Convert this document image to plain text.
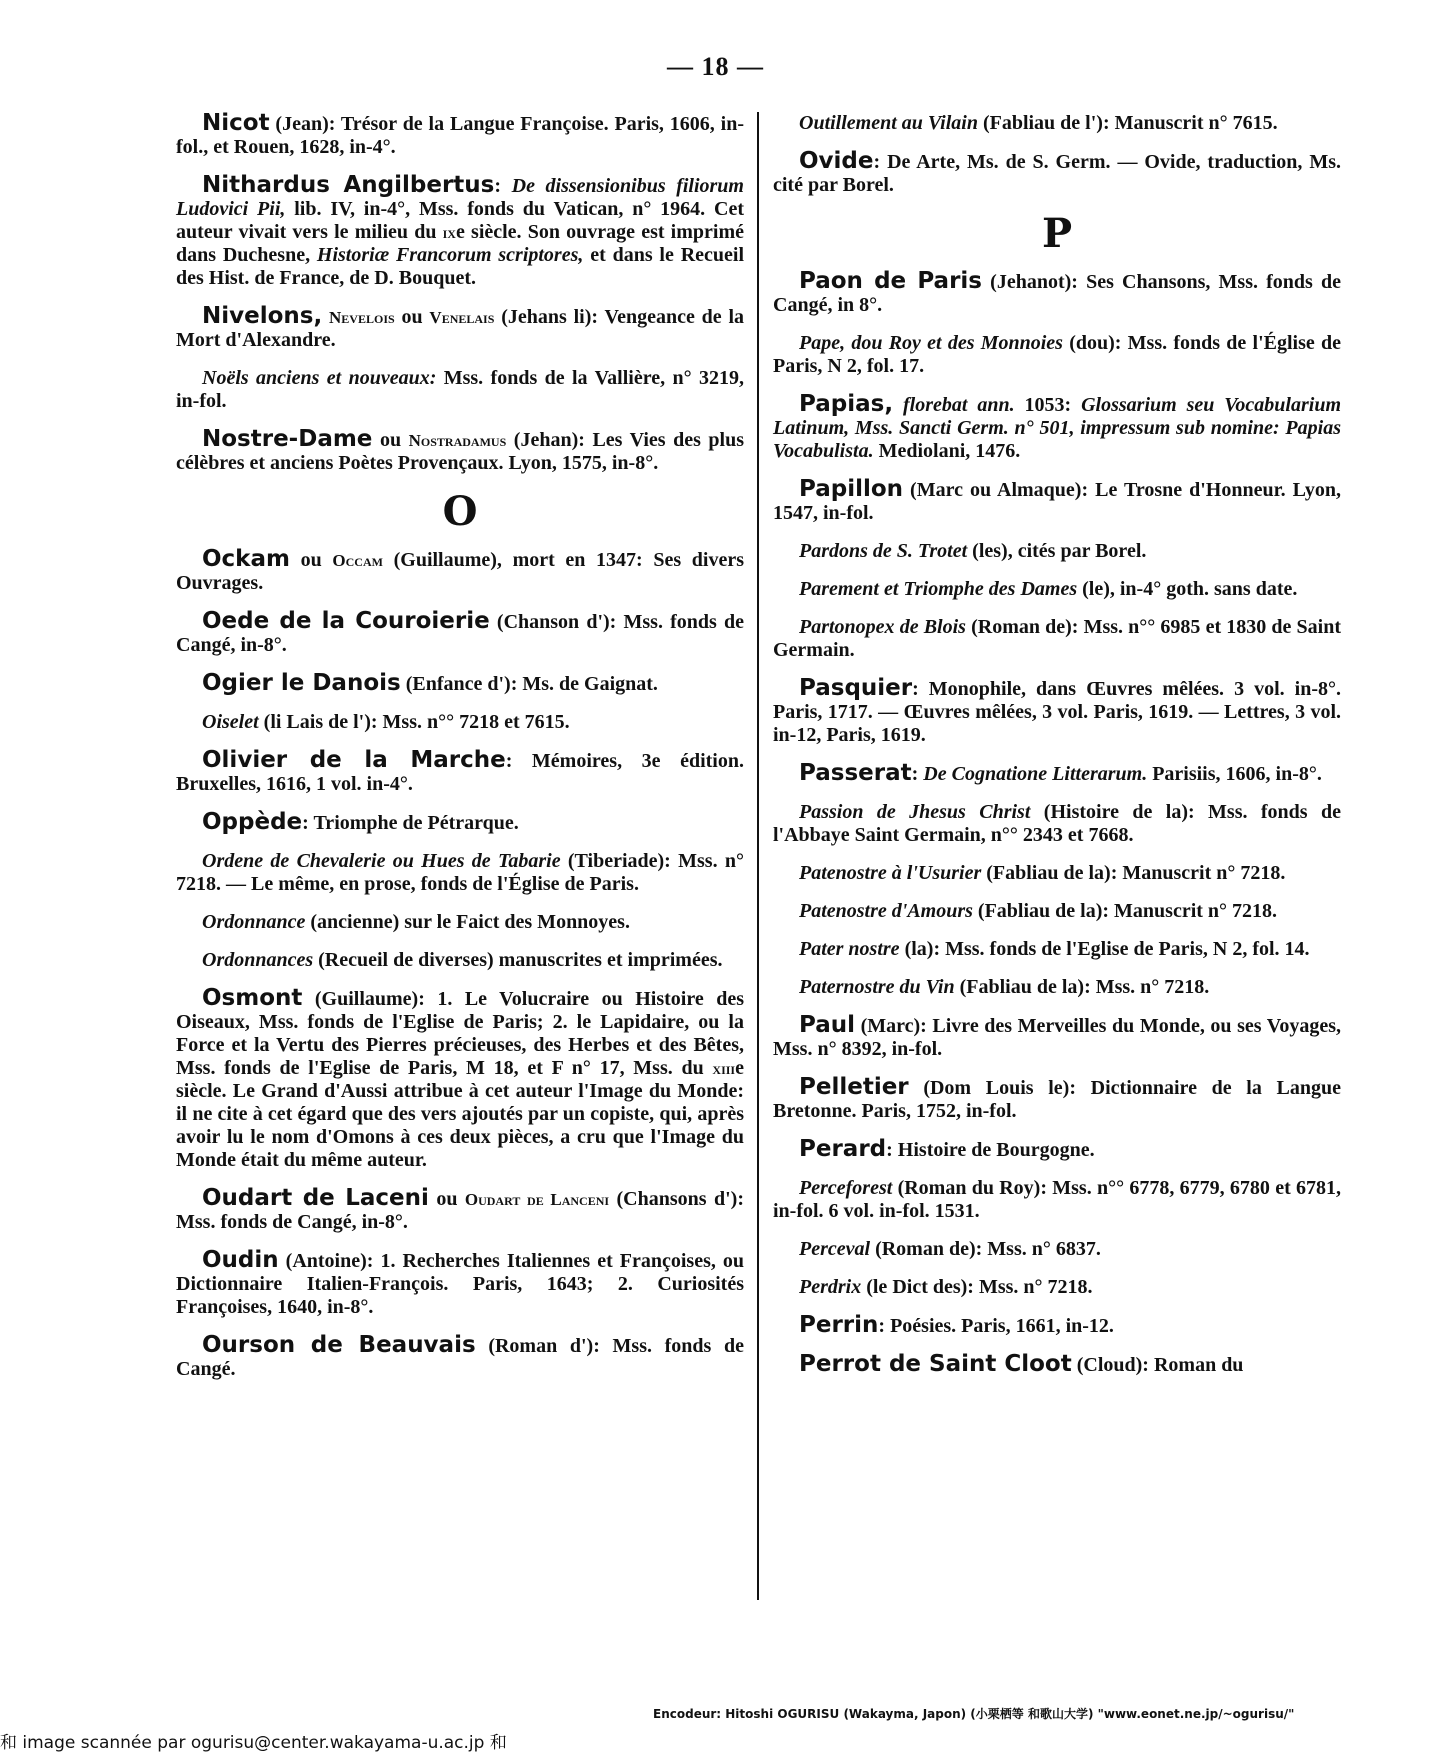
— 18 —

Nicot (Jean): Trésor de la Langue Françoise. Paris, 1606, in-fol., et Rouen, 1628, in-4°.

Nithardus Angilbertus: De dissensionibus filiorum Ludovici Pii, lib. IV, in-4°, Mss. fonds du Vatican, n° 1964. Cet auteur vivait vers le milieu du ixe siècle. Son ouvrage est imprimé dans Duchesne, Historiæ Francorum scriptores, et dans le Recueil des Hist. de France, de D. Bouquet.

Nivelons, Nevelois ou Venelais (Jehans li): Vengeance de la Mort d'Alexandre.

Noëls anciens et nouveaux: Mss. fonds de la Vallière, n° 3219, in-fol.

Nostre-Dame ou Nostradamus (Jehan): Les Vies des plus célèbres et anciens Poètes Provençaux. Lyon, 1575, in-8°.

O

Ockam ou Occam (Guillaume), mort en 1347: Ses divers Ouvrages.

Oede de la Couroierie (Chanson d'): Mss. fonds de Cangé, in-8°.

Ogier le Danois (Enfance d'): Ms. de Gaignat.

Oiselet (li Lais de l'): Mss. n°° 7218 et 7615.

Olivier de la Marche: Mémoires, 3e édition. Bruxelles, 1616, 1 vol. in-4°.

Oppède: Triomphe de Pétrarque.

Ordene de Chevalerie ou Hues de Tabarie (Tiberiade): Mss. n° 7218. — Le même, en prose, fonds de l'Église de Paris.

Ordonnance (ancienne) sur le Faict des Monnoyes.

Ordonnances (Recueil de diverses) manuscrites et imprimées.

Osmont (Guillaume): 1. Le Volucraire ou Histoire des Oiseaux, Mss. fonds de l'Eglise de Paris; 2. le Lapidaire, ou la Force et la Vertu des Pierres précieuses, des Herbes et des Bêtes, Mss. fonds de l'Eglise de Paris, M 18, et F n° 17, Mss. du xiiie siècle. Le Grand d'Aussi attribue à cet auteur l'Image du Monde: il ne cite à cet égard que des vers ajoutés par un copiste, qui, après avoir lu le nom d'Omons à ces deux pièces, a cru que l'Image du Monde était du même auteur.

Oudart de Laceni ou Oudart de Lanceni (Chansons d'): Mss. fonds de Cangé, in-8°.

Oudin (Antoine): 1. Recherches Italiennes et Françoises, ou Dictionnaire Italien-François. Paris, 1643; 2. Curiosités Françoises, 1640, in-8°.

Ourson de Beauvais (Roman d'): Mss. fonds de Cangé.

Outillement au Vilain (Fabliau de l'): Manuscrit n° 7615.

Ovide: De Arte, Ms. de S. Germ. — Ovide, traduction, Ms. cité par Borel.

P

Paon de Paris (Jehanot): Ses Chansons, Mss. fonds de Cangé, in 8°.

Pape, dou Roy et des Monnoies (dou): Mss. fonds de l'Église de Paris, N 2, fol. 17.

Papias, florebat ann. 1053: Glossarium seu Vocabularium Latinum, Mss. Sancti Germ. n° 501, impressum sub nomine: Papias Vocabulista. Mediolani, 1476.

Papillon (Marc ou Almaque): Le Trosne d'Honneur. Lyon, 1547, in-fol.

Pardons de S. Trotet (les), cités par Borel.

Parement et Triomphe des Dames (le), in-4° goth. sans date.

Partonopex de Blois (Roman de): Mss. n°° 6985 et 1830 de Saint Germain.

Pasquier: Monophile, dans Œuvres mêlées. 3 vol. in-8°. Paris, 1717. — Œuvres mêlées, 3 vol. Paris, 1619. — Lettres, 3 vol. in-12, Paris, 1619.

Passerat: De Cognatione Litterarum. Parisiis, 1606, in-8°.

Passion de Jhesus Christ (Histoire de la): Mss. fonds de l'Abbaye Saint Germain, n°° 2343 et 7668.

Patenostre à l'Usurier (Fabliau de la): Manuscrit n° 7218.

Patenostre d'Amours (Fabliau de la): Manuscrit n° 7218.

Pater nostre (la): Mss. fonds de l'Eglise de Paris, N 2, fol. 14.

Paternostre du Vin (Fabliau de la): Mss. n° 7218.

Paul (Marc): Livre des Merveilles du Monde, ou ses Voyages, Mss. n° 8392, in-fol.

Pelletier (Dom Louis le): Dictionnaire de la Langue Bretonne. Paris, 1752, in-fol.

Perard: Histoire de Bourgogne.

Perceforest (Roman du Roy): Mss. n°° 6778, 6779, 6780 et 6781, in-fol. 6 vol. in-fol. 1531.

Perceval (Roman de): Mss. n° 6837.

Perdrix (le Dict des): Mss. n° 7218.

Perrin: Poésies. Paris, 1661, in-12.

Perrot de Saint Cloot (Cloud): Roman du

Encodeur: Hitoshi OGURISU (Wakayma, Japon) (小栗栖等 和歌山大学) "www.eonet.ne.jp/~ogurisu/"
和 image scannée par ogurisu@center.wakayama-u.ac.jp 和
